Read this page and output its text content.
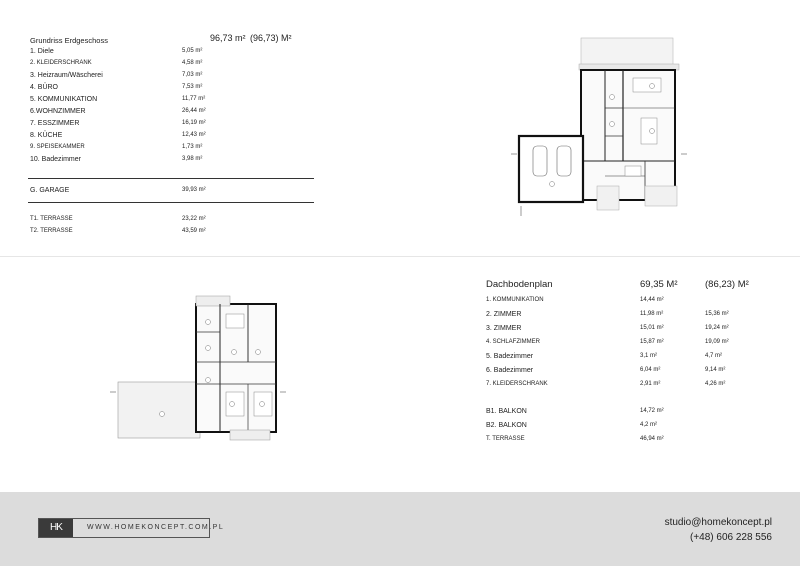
Grundriss Erdgeschoss	96,73 m² (96,73) M²
1. Diele	5,05 m²
2. KLEIDERSCHRANK	4,58 m²
3. Heizraum/Wäscherei	7,03 m²
4. BÜRO	7,53 m²
5. KOMMUNIKATION	11,77 m²
6.WOHNZIMMER	26,44 m²
7. ESSZIMMER	16,19 m²
8. KÜCHE	12,43 m²
9. SPEISEKAMMER	1,73 m²
10. Badezimmer	3,98 m²
G. GARAGE	39,93 m²
T1. TERRASSE	23,22 m²
T2. TERRASSE	43,59 m²
Dachbodenplan	69,35 M²	(86,23) M²
1. KOMMUNIKATION	14,44 m²
2. ZIMMER	11,98 m²	15,36 m²
3. ZIMMER	15,01 m²	19,24 m²
4. SCHLAFZIMMER	15,87 m²	19,09 m²
5. Badezimmer	3,1 m²	4,7 m²
6. Badezimmer	6,04 m²	9,14 m²
7. KLEIDERSCHRANK	2,91 m²	4,26 m²
B1. BALKON	14,72 m²
B2. BALKON	4,2 m²
T. TERRASSE	46,94 m²
HK	WWW.HOMEKONCEPT.COM.PL	studio@homekoncept.pl
(+48) 606 228 556
